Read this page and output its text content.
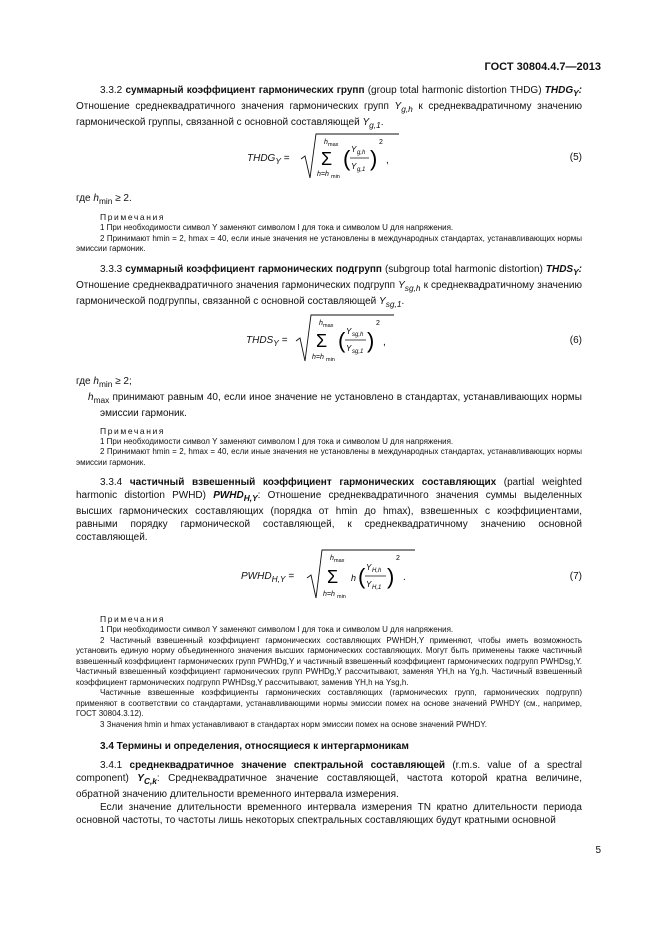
ГОСТ 30804.4.7—2013

3.3.2 суммарный коэффициент гармонических групп (group total harmonic distortion THDG) $THDG_Y$: Отношение среднеквадратичного значения гармонических групп $Y_{g,h}$ к среднеквадратичному значению гармонической группы, связанной с основной составляющей $Y_{g,1}$.

$THDG_Y$ =
h max
Σ
h=h min
( Y g,h
Y g,1 )
2
,	(5)

где $h_{min} \ge 2$.

Примечания

1 При необходимости символ Y заменяют символом I для тока и символом U для напряжения.

2 Принимают hmin = 2, hmax = 40, если иные значения не установлены в международных стандартах, устанавливающих нормы эмиссии гармоник.

3.3.3 суммарный коэффициент гармонических подгрупп (subgroup total harmonic distortion) $THDS_Y$: Отношение среднеквадратичного значения гармонических подгрупп $Y_{sg,h}$ к среднеквадратичному значению гармонической подгруппы, связанной с основной составляющей $Y_{sg,1}$.

$THDS_Y$ =
h max
Σ
h=h min
( Y sg,h
Y sg,1 )
2
,	(6)

где $h_{min} \ge 2$;

$h_{max}$ принимают равным 40, если иное значение не установлено в стандартах, устанавливающих нормы эмиссии гармоник.

Примечания

1 При необходимости символ Y заменяют символом I для тока и символом U для напряжения.

2 Принимают hmin = 2, hmax = 40, если иные значения не установлены в международных стандартах, устанавливающих нормы эмиссии гармоник.

3.3.4 частичный взвешенный коэффициент гармонических составляющих (partial weighted harmonic distortion PWHD) $PWHD_{H,Y}$: Отношение среднеквадратичного значения суммы выделенных высших гармонических составляющих (порядка от hmin до hmax), взвешенных с коэффициентами, равными порядку гармонической составляющей, к среднеквадратичному значению основной составляющей.

$PWHD_{H,Y}$ =
h max
Σ
h=h min
h ( Y H,h
Y H,1 )
2
.	(7)

Примечания

1 При необходимости символ Y заменяют символом I для тока и символом U для напряжения.

2 Частичный взвешенный коэффициент гармонических составляющих PWHDH,Y применяют, чтобы иметь возможность установить единую норму объединенного значения высших гармонических составляющих. Могут быть применены также частичный взвешенный коэффициент гармонических групп PWHDg,Y и частичный взвешенный коэффициент гармонических подгрупп PWHDsg,Y. Частичный взвешенный коэффициент гармонических групп PWHDg,Y рассчитывают, заменяя YH,h на Yg,h. Частичный взвешенный коэффициент гармонических подгрупп PWHDsg,Y рассчитывают, заменив YH,h на Ysg,h.

Частичные взвешенные коэффициенты гармонических составляющих (гармонических групп, гармонических подгрупп) применяют в соответствии со стандартами, устанавливающими нормы эмиссии помех на основе значений PWHDY (см., например, ГОСТ 30804.3.12).

3 Значения hmin и hmax устанавливают в стандартах норм эмиссии помех на основе значений PWHDY.

3.4 Термины и определения, относящиеся к интергармоникам

3.4.1 среднеквадратичное значение спектральной составляющей (r.m.s. value of a spectral component) $Y_{C,k}$: Среднеквадратичное значение составляющей, частота которой кратна величине, обратной значению длительности временного интервала измерения.

Если значение длительности временного интервала измерения TN кратно длительности периода основной частоты, то частоты лишь некоторых спектральных составляющих будут кратными основной

5
